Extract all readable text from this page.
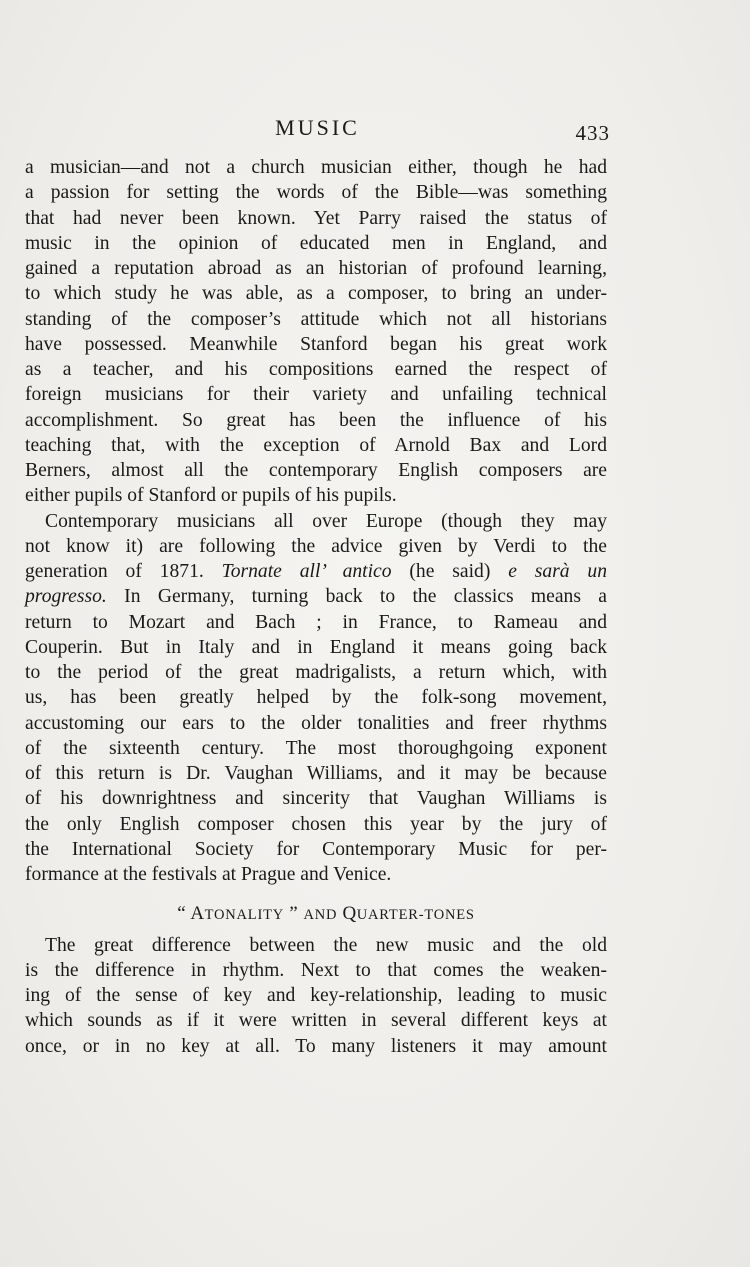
MUSIC	433
a musician—and not a church musician either, though he had
a passion for setting the words of the Bible—was something
that had never been known. Yet Parry raised the status of
music in the opinion of educated men in England, and
gained a reputation abroad as an historian of profound learning,
to which study he was able, as a composer, to bring an under-
standing of the composer’s attitude which not all historians
have possessed. Meanwhile Stanford began his great work
as a teacher, and his compositions earned the respect of
foreign musicians for their variety and unfailing technical
accomplishment. So great has been the influence of his
teaching that, with the exception of Arnold Bax and Lord
Berners, almost all the contemporary English composers are
either pupils of Stanford or pupils of his pupils.
Contemporary musicians all over Europe (though they may
not know it) are following the advice given by Verdi to the
generation of 1871. Tornate all’ antico (he said) e sarà un
progresso. In Germany, turning back to the classics means a
return to Mozart and Bach ; in France, to Rameau and
Couperin. But in Italy and in England it means going back
to the period of the great madrigalists, a return which, with
us, has been greatly helped by the folk-song movement,
accustoming our ears to the older tonalities and freer rhythms
of the sixteenth century. The most thoroughgoing exponent
of this return is Dr. Vaughan Williams, and it may be because
of his downrightness and sincerity that Vaughan Williams is
the only English composer chosen this year by the jury of
the International Society for Contemporary Music for per-
formance at the festivals at Prague and Venice.
“ ATONALITY ” AND QUARTER-TONES
The great difference between the new music and the old
is the difference in rhythm. Next to that comes the weaken-
ing of the sense of key and key-relationship, leading to music
which sounds as if it were written in several different keys at
once, or in no key at all. To many listeners it may amount
